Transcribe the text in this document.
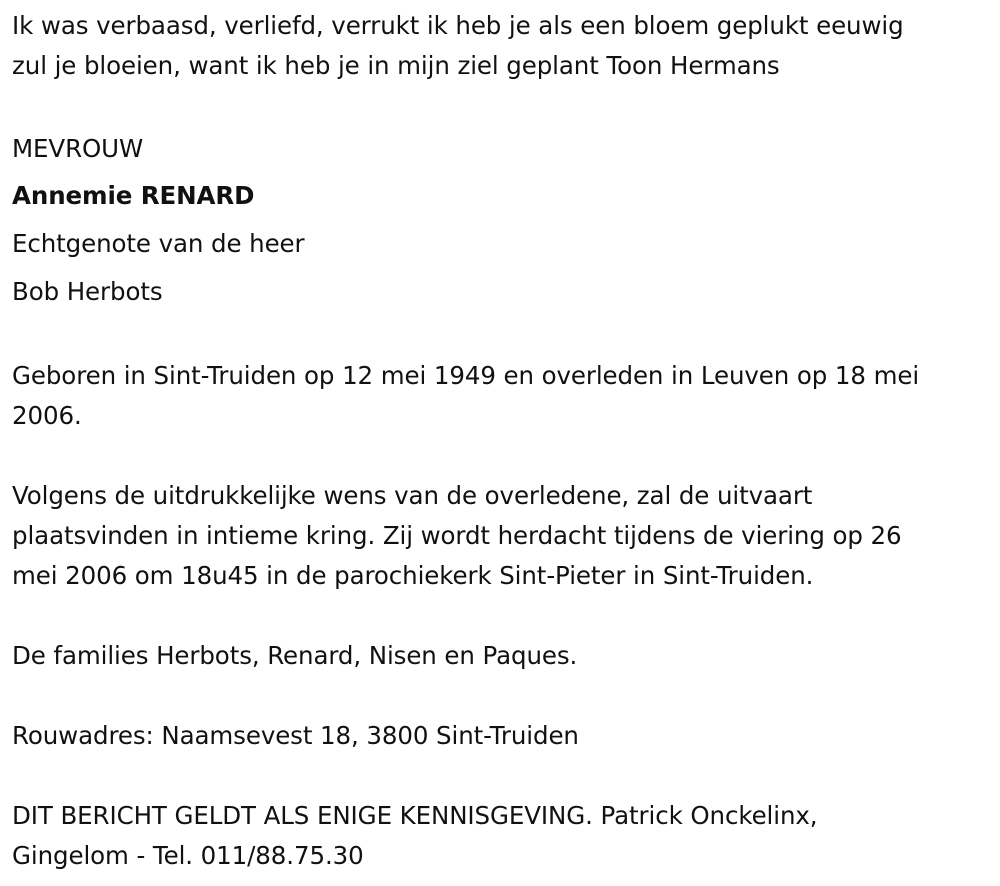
Ik was verbaasd, verliefd, verrukt ik heb je als een bloem geplukt eeuwig

zul je bloeien, want ik heb je in mijn ziel geplant Toon Hermans

MEVROUW

Annemie RENARD

Echtgenote van de heer

Bob Herbots

Geboren in Sint-Truiden op 12 mei 1949 en overleden in Leuven op 18 mei

2006.

Volgens de uitdrukkelijke wens van de overledene, zal de uitvaart

plaatsvinden in intieme kring. Zij wordt herdacht tijdens de viering op 26

mei 2006 om 18u45 in de parochiekerk Sint-Pieter in Sint-Truiden.

De families Herbots, Renard, Nisen en Paques.

Rouwadres: Naamsevest 18, 3800 Sint-Truiden

DIT BERICHT GELDT ALS ENIGE KENNISGEVING. Patrick Onckelinx,

Gingelom - Tel. 011/88.75.30
